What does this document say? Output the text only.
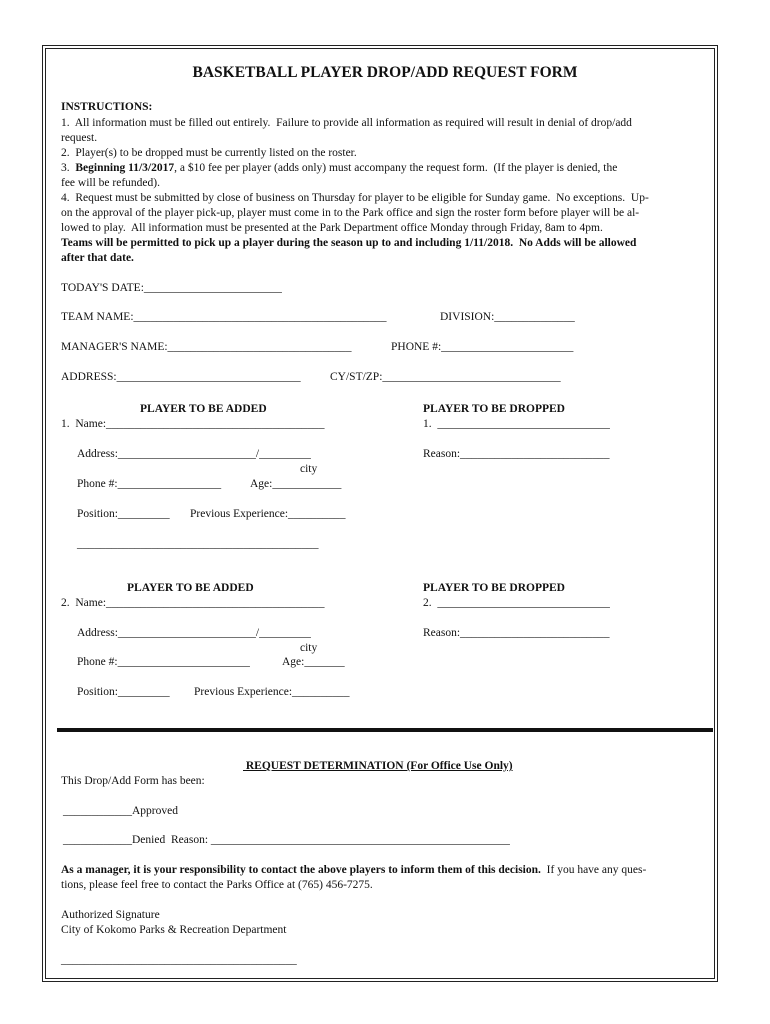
BASKETBALL PLAYER DROP/ADD REQUEST FORM
INSTRUCTIONS:
1.  All information must be filled out entirely.  Failure to provide all information as required will result in denial of drop/add
request.
2.  Player(s) to be dropped must be currently listed on the roster.
3.  Beginning 11/3/2017, a $10 fee per player (adds only) must accompany the request form.  (If the player is denied, the
fee will be refunded).
4.  Request must be submitted by close of business on Thursday for player to be eligible for Sunday game.  No exceptions.  Up-
on the approval of the player pick-up, player must come in to the Park office and sign the roster form before player will be al-
lowed to play.  All information must be presented at the Park Department office Monday through Friday, 8am to 4pm.
Teams will be permitted to pick up a player during the season up to and including 1/11/2018.  No Adds will be allowed
after that date.
TODAY'S DATE:________________________
TEAM NAME:____________________________________________	DIVISION:______________
MANAGER'S NAME:________________________________	PHONE #:_______________________
ADDRESS:________________________________	CY/ST/ZP:_______________________________
PLAYER TO BE ADDED	PLAYER TO BE DROPPED
1.  Name:______________________________________	1.  ______________________________
Address:________________________/_________	Reason:__________________________
city
Phone #:__________________	Age:____________
Position:_________ Previous Experience:__________
__________________________________________
PLAYER TO BE ADDED	PLAYER TO BE DROPPED
2.  Name:______________________________________	2.  ______________________________
Address:________________________/_________	Reason:__________________________
city
Phone #:_______________________	Age:_______
Position:_________ Previous Experience:__________
REQUEST DETERMINATION (For Office Use Only)
This Drop/Add Form has been:
____________Approved
____________Denied  Reason: ____________________________________________________
As a manager, it is your responsibility to contact the above players to inform them of this decision.  If you have any ques-
tions, please feel free to contact the Parks Office at (765) 456-7275.
Authorized Signature
City of Kokomo Parks & Recreation Department
_________________________________________
